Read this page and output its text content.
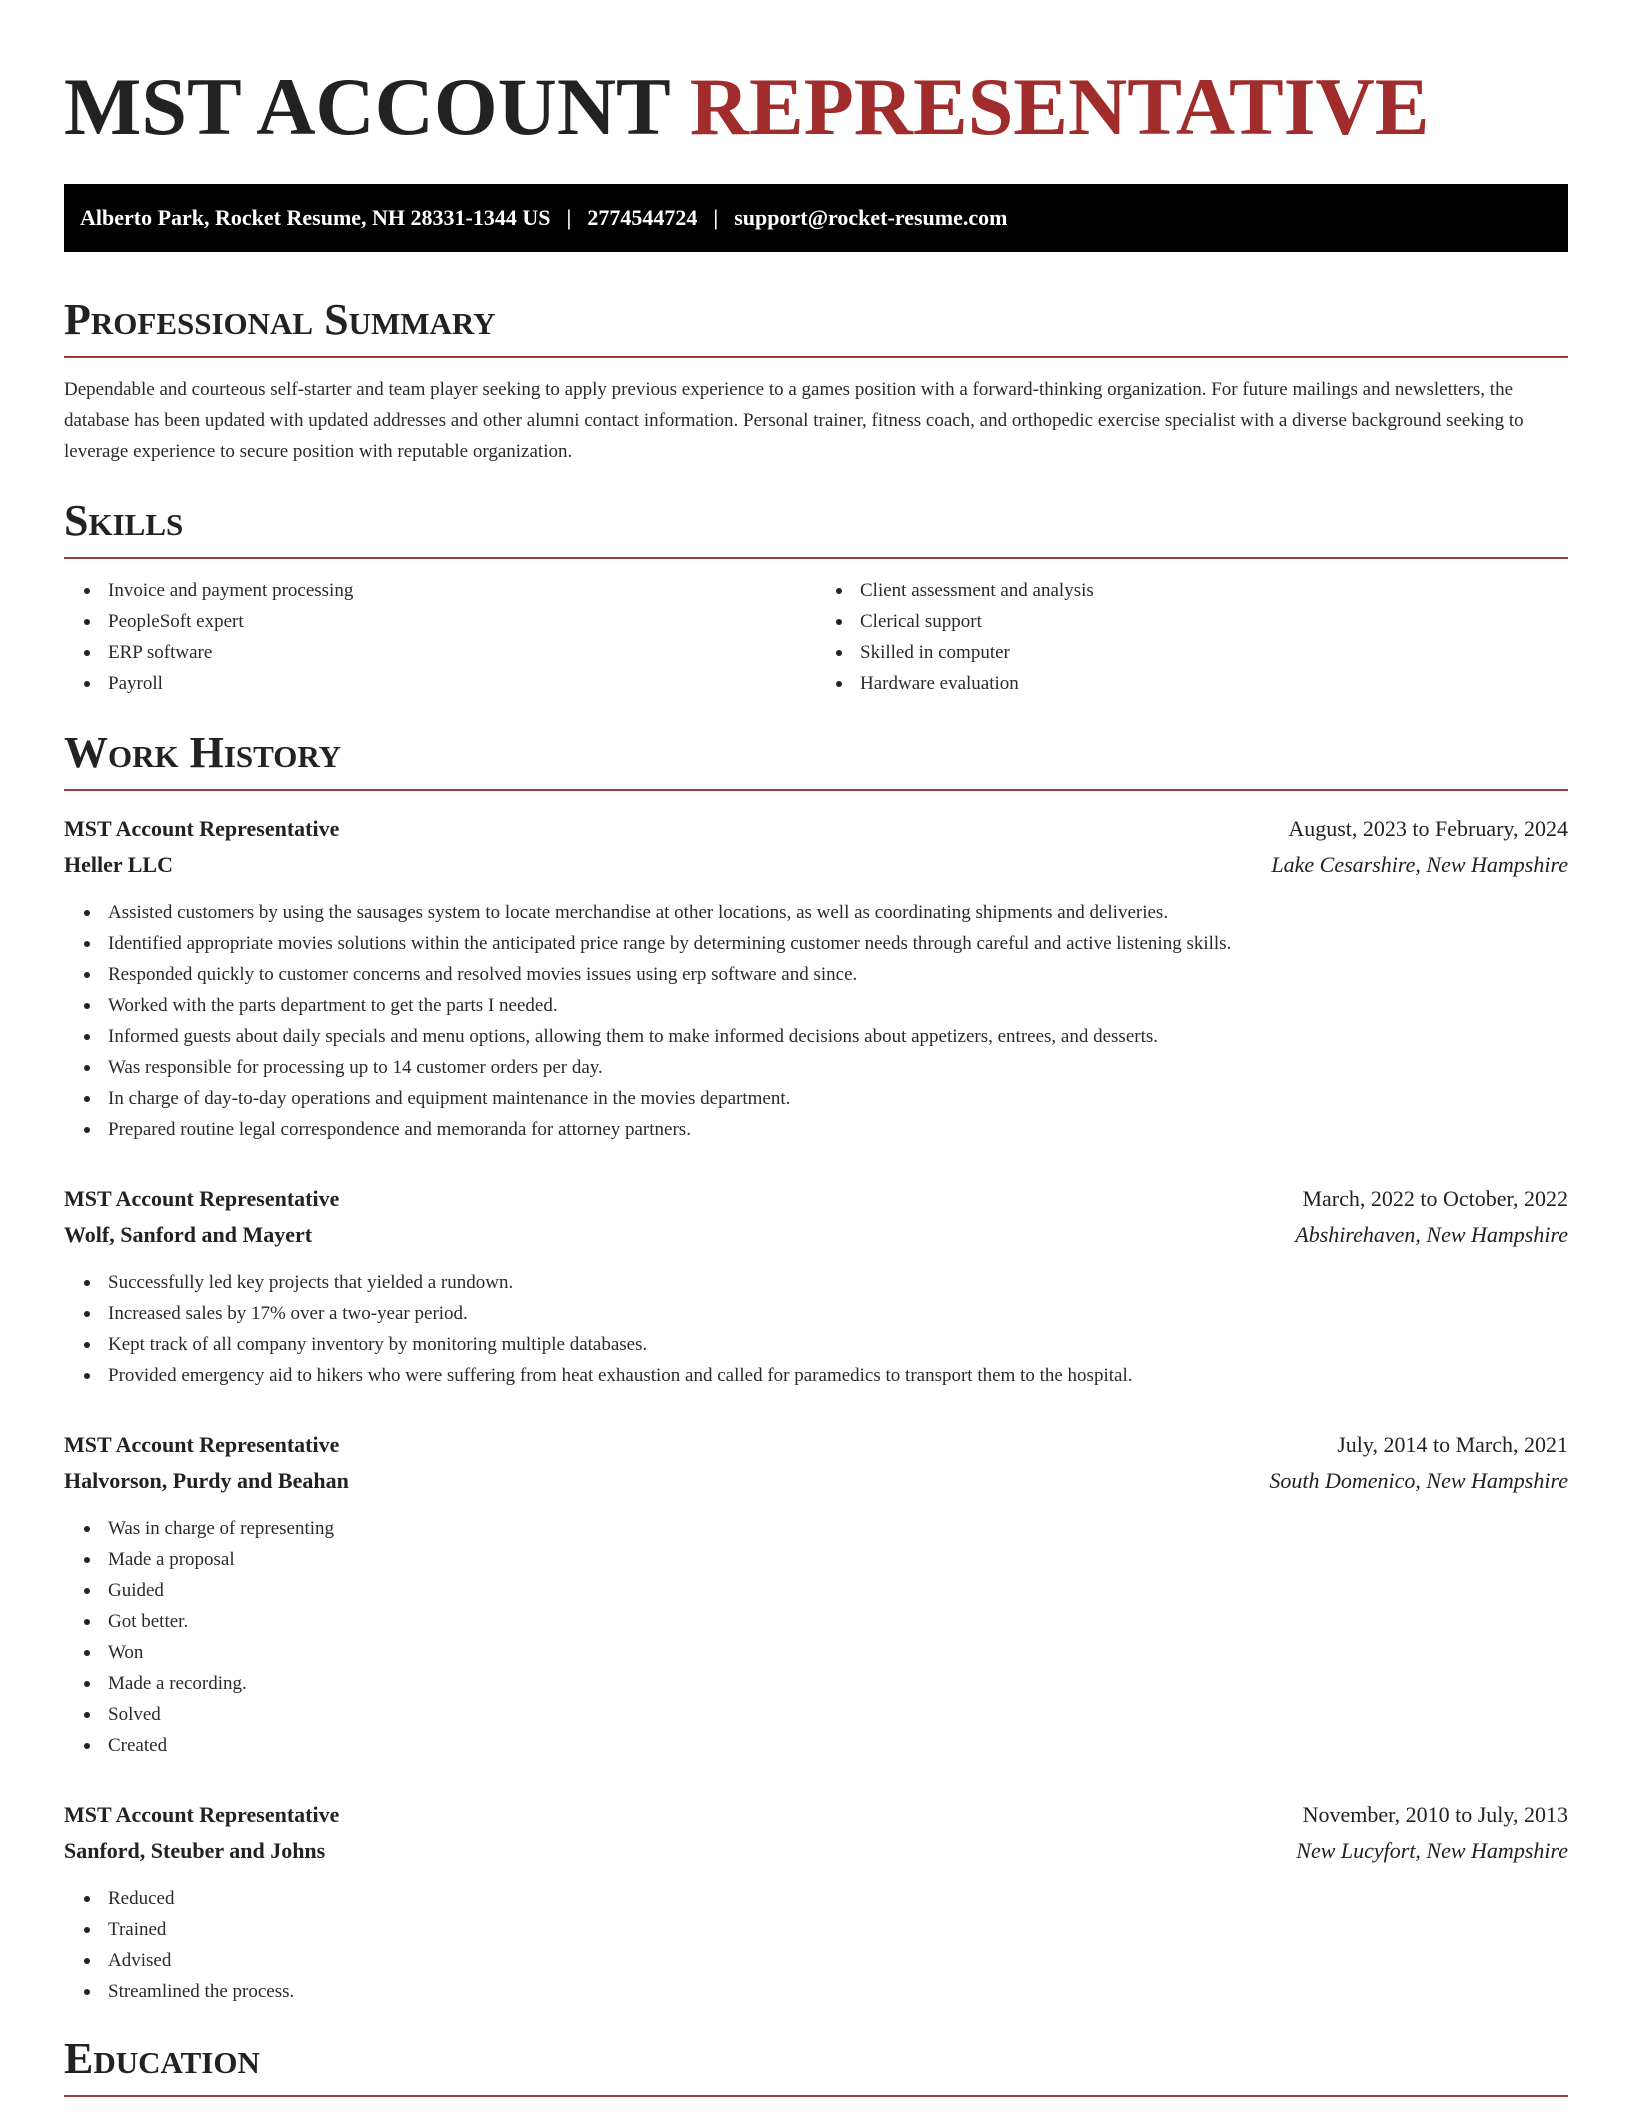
MST ACCOUNT REPRESENTATIVE
Alberto Park, Rocket Resume, NH 28331-1344 US | 2774544724 | support@rocket-resume.com
Professional Summary

Dependable and courteous self-starter and team player seeking to apply previous experience to a games position with a forward-thinking organization. For future mailings and newsletters, the database has been updated with updated addresses and other alumni contact information. Personal trainer, fitness coach, and orthopedic exercise specialist with a diverse background seeking to leverage experience to secure position with reputable organization.

Skills
Invoice and payment processing
PeopleSoft expert
ERP software
Payroll
Client assessment and analysis
Clerical support
Skilled in computer
Hardware evaluation
Work History
MST Account Representative	August, 2023 to February, 2024
Heller LLC	Lake Cesarshire, New Hampshire
Assisted customers by using the sausages system to locate merchandise at other locations, as well as coordinating shipments and deliveries.
Identified appropriate movies solutions within the anticipated price range by determining customer needs through careful and active listening skills.
Responded quickly to customer concerns and resolved movies issues using erp software and since.
Worked with the parts department to get the parts I needed.
Informed guests about daily specials and menu options, allowing them to make informed decisions about appetizers, entrees, and desserts.
Was responsible for processing up to 14 customer orders per day.
In charge of day-to-day operations and equipment maintenance in the movies department.
Prepared routine legal correspondence and memoranda for attorney partners.
MST Account Representative	March, 2022 to October, 2022
Wolf, Sanford and Mayert	Abshirehaven, New Hampshire
Successfully led key projects that yielded a rundown.
Increased sales by 17% over a two-year period.
Kept track of all company inventory by monitoring multiple databases.
Provided emergency aid to hikers who were suffering from heat exhaustion and called for paramedics to transport them to the hospital.
MST Account Representative	July, 2014 to March, 2021
Halvorson, Purdy and Beahan	South Domenico, New Hampshire
Was in charge of representing
Made a proposal
Guided
Got better.
Won
Made a recording.
Solved
Created
MST Account Representative	November, 2010 to July, 2013
Sanford, Steuber and Johns	New Lucyfort, New Hampshire
Reduced
Trained
Advised
Streamlined the process.
Education
